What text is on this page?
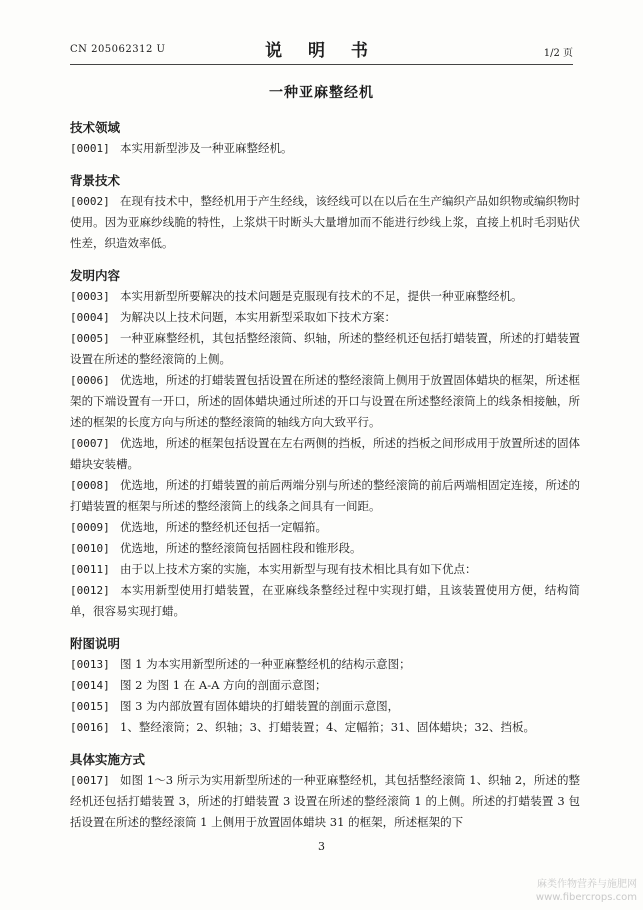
CN 205062312 U	说 明 书	1/2 页
一种亚麻整经机
技术领域

[0001] 本实用新型涉及一种亚麻整经机。

背景技术

[0002] 在现有技术中，整经机用于产生经线，该经线可以在以后在生产编织产品如织物或编织物时使用。因为亚麻纱线脆的特性，上浆烘干时断头大量增加而不能进行纱线上浆，直接上机时毛羽贴伏性差，织造效率低。

发明内容

[0003] 本实用新型所要解决的技术问题是克服现有技术的不足，提供一种亚麻整经机。

[0004] 为解决以上技术问题，本实用新型采取如下技术方案：

[0005] 一种亚麻整经机，其包括整经滚筒、织轴，所述的整经机还包括打蜡装置，所述的打蜡装置设置在所述的整经滚筒的上侧。

[0006] 优选地，所述的打蜡装置包括设置在所述的整经滚筒上侧用于放置固体蜡块的框架，所述框架的下端设置有一开口，所述的固体蜡块通过所述的开口与设置在所述整经滚筒上的线条相接触，所述的框架的长度方向与所述的整经滚筒的轴线方向大致平行。

[0007] 优选地，所述的框架包括设置在左右两侧的挡板，所述的挡板之间形成用于放置所述的固体蜡块安装槽。

[0008] 优选地，所述的打蜡装置的前后两端分别与所述的整经滚筒的前后两端相固定连接，所述的打蜡装置的框架与所述的整经滚筒上的线条之间具有一间距。

[0009] 优选地，所述的整经机还包括一定幅筘。

[0010] 优选地，所述的整经滚筒包括圆柱段和锥形段。

[0011] 由于以上技术方案的实施，本实用新型与现有技术相比具有如下优点：

[0012] 本实用新型使用打蜡装置，在亚麻线条整经过程中实现打蜡，且该装置使用方便，结构简单，很容易实现打蜡。

附图说明

[0013] 图 1 为本实用新型所述的一种亚麻整经机的结构示意图；

[0014] 图 2 为图 1 在 A-A 方向的剖面示意图；

[0015] 图 3 为内部放置有固体蜡块的打蜡装置的剖面示意图，

[0016] 1、整经滚筒；2、织轴；3、打蜡装置；4、定幅筘；31、固体蜡块；32、挡板。

具体实施方式

[0017] 如图 1～3 所示为实用新型所述的一种亚麻整经机，其包括整经滚筒 1、织轴 2，所述的整经机还包括打蜡装置 3，所述的打蜡装置 3 设置在所述的整经滚筒 1 的上侧。所述的打蜡装置 3 包括设置在所述的整经滚筒 1 上侧用于放置固体蜡块 31 的框架，所述框架的下

3
麻类作物营养与施肥网
www.fibercrops.com
